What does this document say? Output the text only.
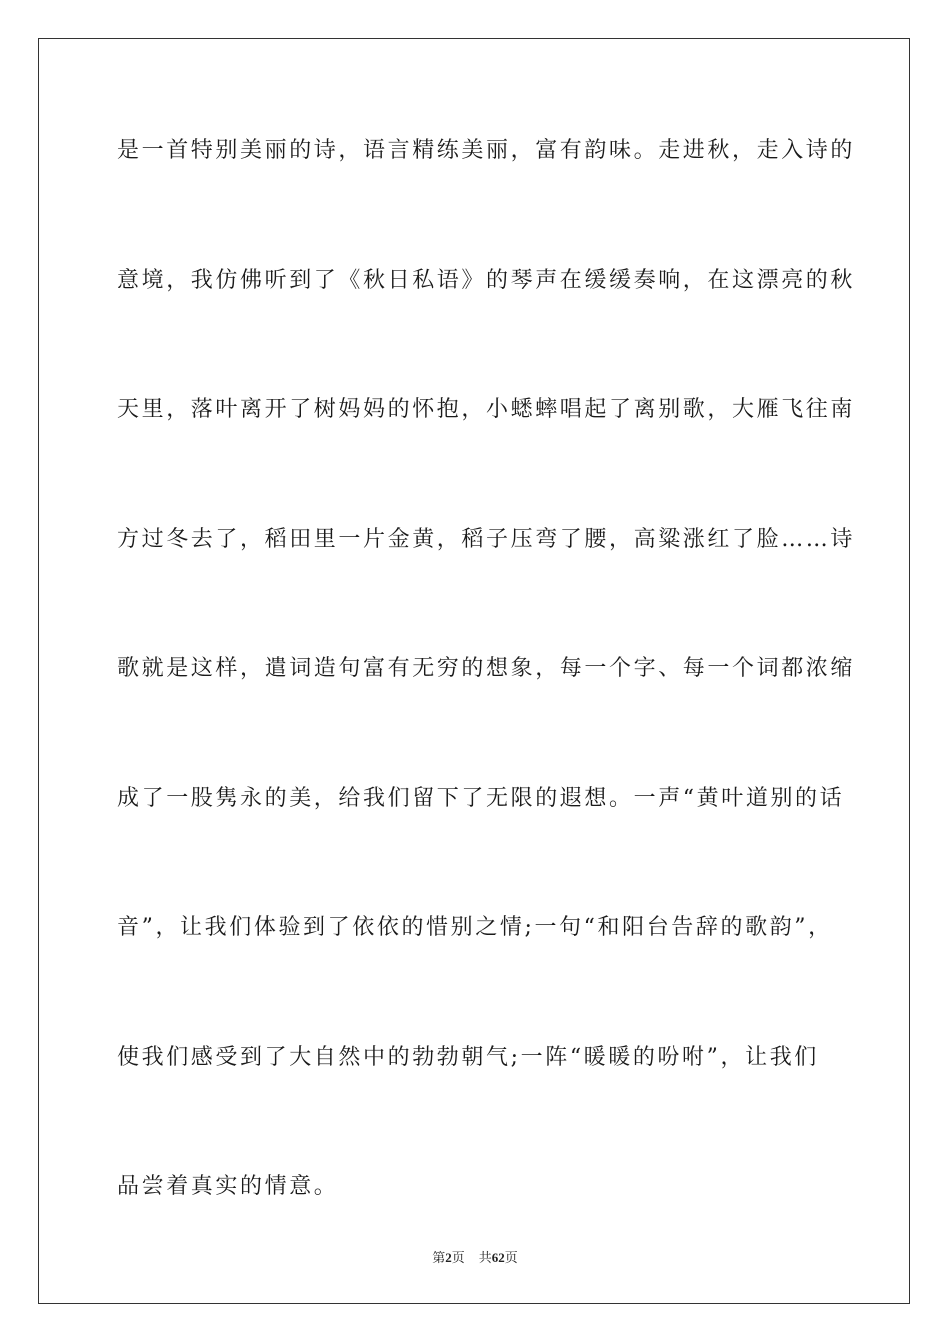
是一首特别美丽的诗，语言精练美丽，富有韵味。走进秋，走入诗的
意境，我仿佛听到了《秋日私语》的琴声在缓缓奏响，在这漂亮的秋
天里，落叶离开了树妈妈的怀抱，小蟋蟀唱起了离别歌，大雁飞往南
方过冬去了，稻田里一片金黄，稻子压弯了腰，高粱涨红了脸……诗
歌就是这样，遣词造句富有无穷的想象，每一个字、每一个词都浓缩
成了一股隽永的美，给我们留下了无限的遐想。一声“黄叶道别的话
音”，让我们体验到了依依的惜别之情;一句“和阳台告辞的歌韵”，
使我们感受到了大自然中的勃勃朝气;一阵“暖暖的吩咐”，让我们
品尝着真实的情意。
第2页 共62页
